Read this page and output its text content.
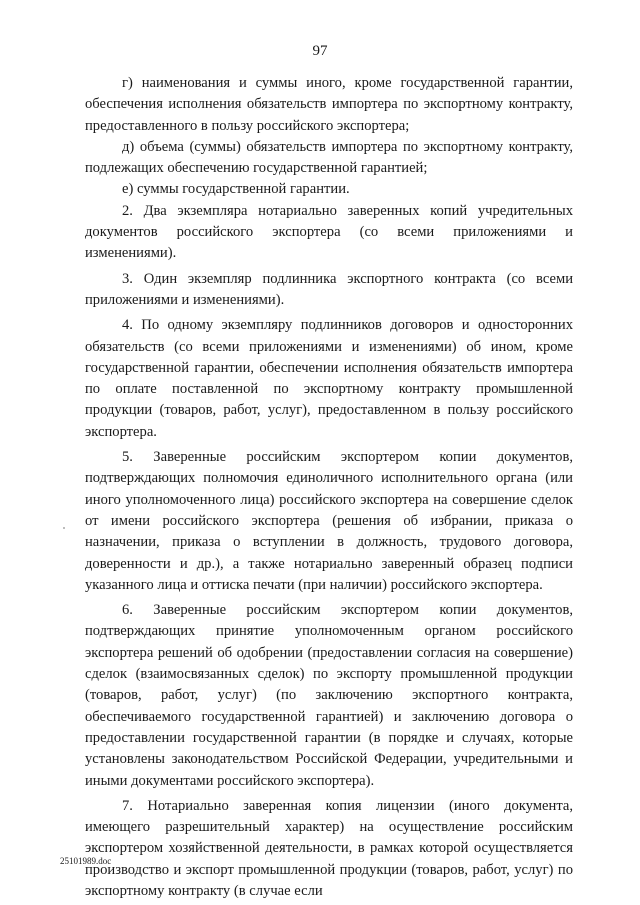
97

г) наименования и суммы иного, кроме государственной гарантии, обеспечения исполнения обязательств импортера по экспортному контракту, предоставленного в пользу российского экспортера;

д) объема (суммы) обязательств импортера по экспортному контракту, подлежащих обеспечению государственной гарантией;

е) суммы государственной гарантии.

2. Два экземпляра нотариально заверенных копий учредительных документов российского экспортера (со всеми приложениями и изменениями).

3. Один экземпляр подлинника экспортного контракта (со всеми приложениями и изменениями).

4. По одному экземпляру подлинников договоров и односторонних обязательств (со всеми приложениями и изменениями) об ином, кроме государственной гарантии, обеспечении исполнения обязательств импортера по оплате поставленной по экспортному контракту промышленной продукции (товаров, работ, услуг), предоставленном в пользу российского экспортера.

5. Заверенные российским экспортером копии документов, подтверждающих полномочия единоличного исполнительного органа (или иного уполномоченного лица) российского экспортера на совершение сделок от имени российского экспортера (решения об избрании, приказа о назначении, приказа о вступлении в должность, трудового договора, доверенности и др.), а также нотариально заверенный образец подписи указанного лица и оттиска печати (при наличии) российского экспортера.

6. Заверенные российским экспортером копии документов, подтверждающих принятие уполномоченным органом российского экспортера решений об одобрении (предоставлении согласия на совершение) сделок (взаимосвязанных сделок) по экспорту промышленной продукции (товаров, работ, услуг) (по заключению экспортного контракта, обеспечиваемого государственной гарантией) и заключению договора о предоставлении государственной гарантии (в порядке и случаях, которые установлены законодательством Российской Федерации, учредительными и иными документами российского экспортера).

7. Нотариально заверенная копия лицензии (иного документа, имеющего разрешительный характер) на осуществление российским экспортером хозяйственной деятельности, в рамках которой осуществляется производство и экспорт промышленной продукции (товаров, работ, услуг) по экспортному контракту (в случае если

25101989.doc
